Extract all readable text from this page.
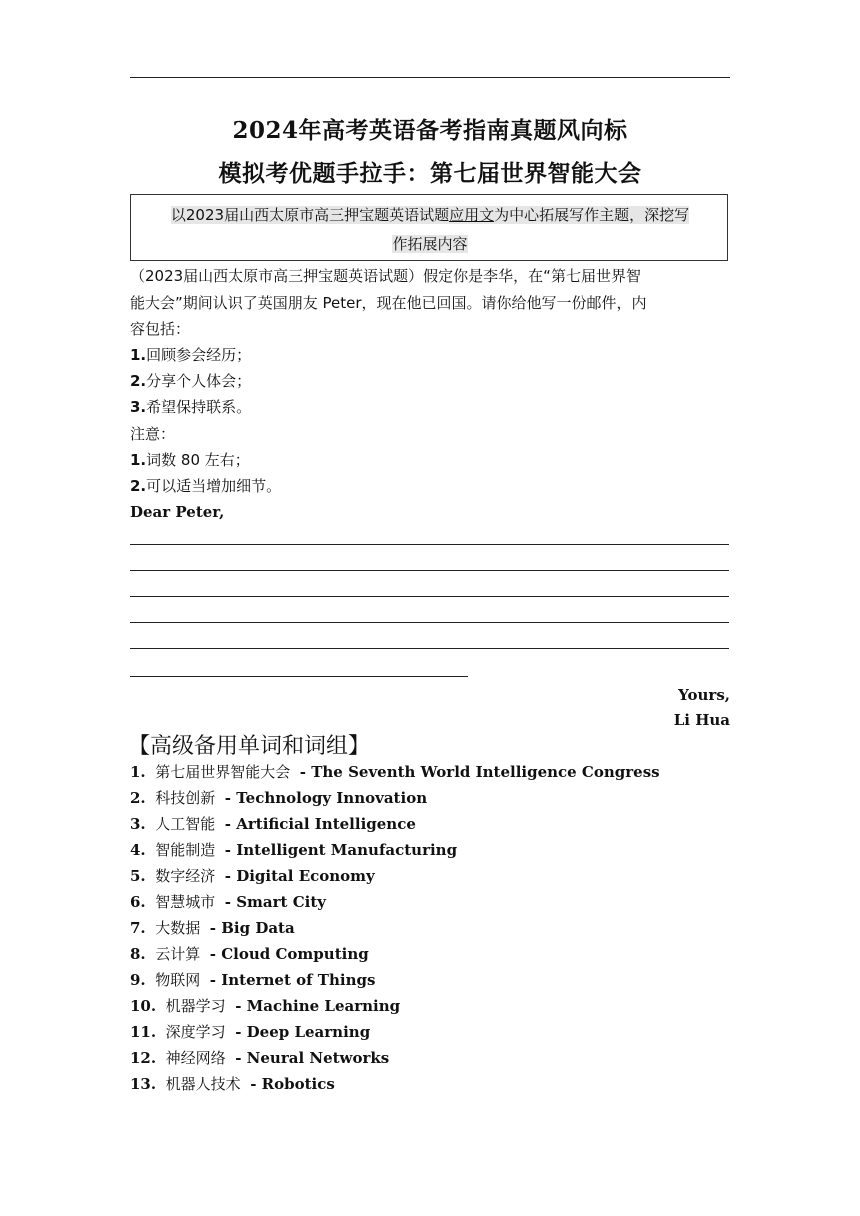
2024年高考英语备考指南真题风向标
模拟考优题手拉手：第七届世界智能大会
以2023届山西太原市高三押宝题英语试题应用文为中心拓展写作主题，深挖写
作拓展内容
（2023届山西太原市高三押宝题英语试题）假定你是李华，在“第七届世界智
能大会”期间认识了英国朋友 Peter，现在他已回国。请你给他写一份邮件，内
容包括：
1.回顾参会经历；
2.分享个人体会；
3.希望保持联系。
注意：
1.词数 80 左右；
2.可以适当增加细节。
Dear Peter,
Yours,
Li Hua
【高级备用单词和词组】
1. 第七届世界智能大会 - The Seventh World Intelligence Congress
2. 科技创新 - Technology Innovation
3. 人工智能 - Artificial Intelligence
4. 智能制造 - Intelligent Manufacturing
5. 数字经济 - Digital Economy
6. 智慧城市 - Smart City
7. 大数据 - Big Data
8. 云计算 - Cloud Computing
9. 物联网 - Internet of Things
10. 机器学习 - Machine Learning
11. 深度学习 - Deep Learning
12. 神经网络 - Neural Networks
13. 机器人技术 - Robotics
